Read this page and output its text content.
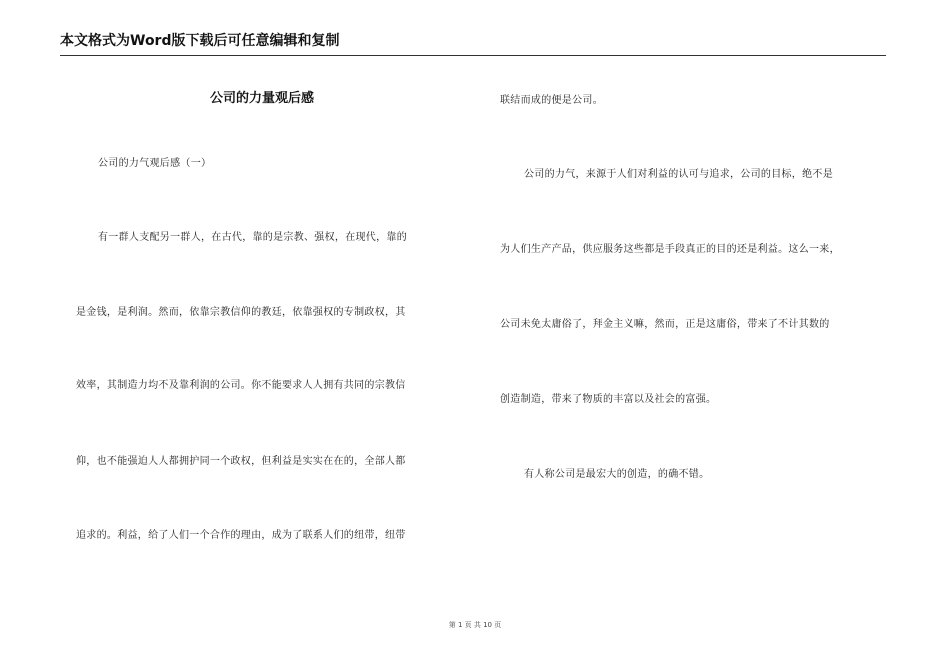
本文格式为Word版下载后可任意编辑和复制
公司的力量观后感
公司的力气观后感（一）
有一群人支配另一群人，在古代，靠的是宗教、强权，在现代，靠的
是金钱，是利润。然而，依靠宗教信仰的教廷，依靠强权的专制政权，其
效率，其制造力均不及靠利润的公司。你不能要求人人拥有共同的宗教信
仰，也不能强迫人人都拥护同一个政权，但利益是实实在在的，全部人都
追求的。利益，给了人们一个合作的理由，成为了联系人们的纽带，纽带
联结而成的便是公司。
公司的力气，来源于人们对利益的认可与追求，公司的目标，绝不是
为人们生产产品，供应服务这些都是手段真正的目的还是利益。这么一来，
公司未免太庸俗了，拜金主义嘛，然而，正是这庸俗，带来了不计其数的
创造制造，带来了物质的丰富以及社会的富强。
有人称公司是最宏大的创造，的确不错。
第 1 页 共 10 页
